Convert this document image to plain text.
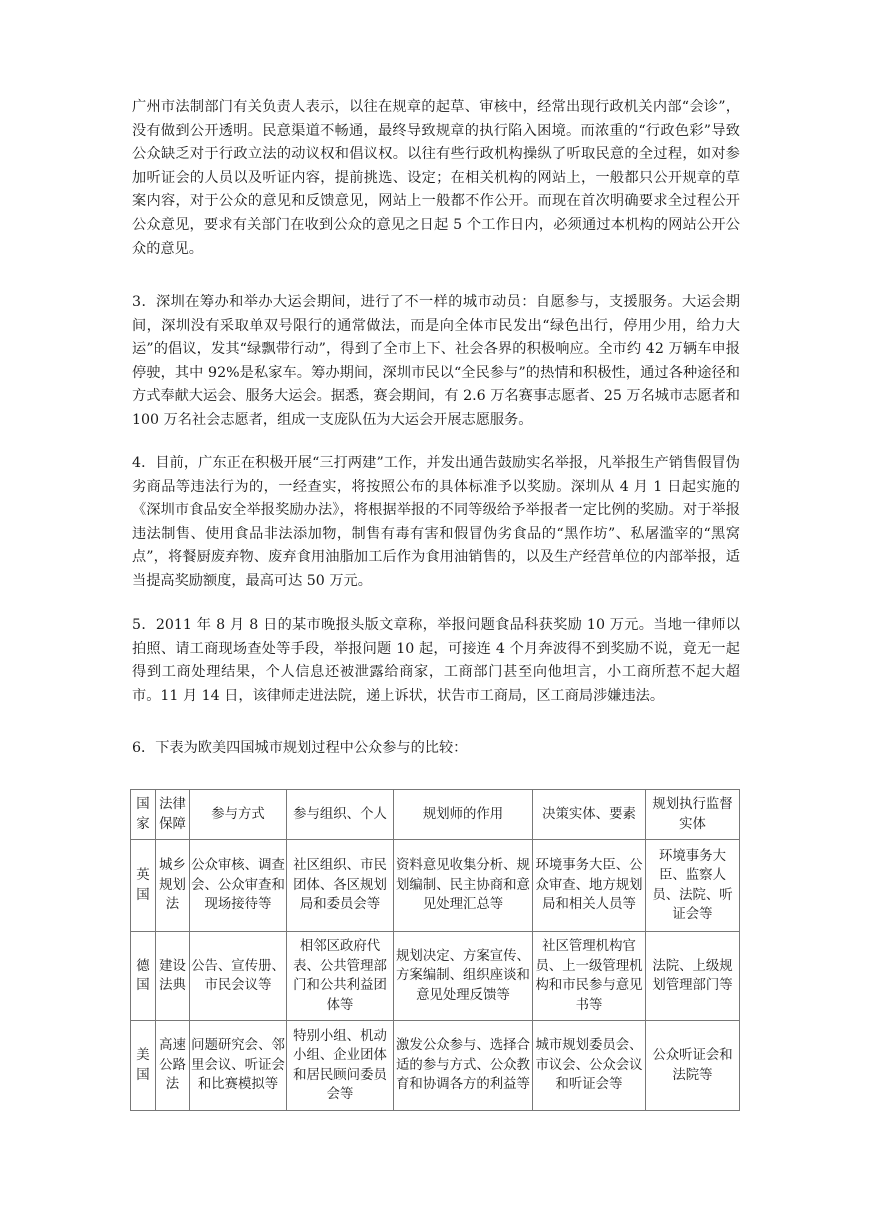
广州市法制部门有关负责人表示，以往在规章的起草、审核中，经常出现行政机关内部“会诊”，没有做到公开透明。民意渠道不畅通，最终导致规章的执行陷入困境。而浓重的“行政色彩”导致公众缺乏对于行政立法的动议权和倡议权。以往有些行政机构操纵了听取民意的全过程，如对参加听证会的人员以及听证内容，提前挑选、设定；在相关机构的网站上，一般都只公开规章的草案内容，对于公众的意见和反馈意见，网站上一般都不作公开。而现在首次明确要求全过程公开公众意见，要求有关部门在收到公众的意见之日起 5 个工作日内，必须通过本机构的网站公开公众的意见。

3．深圳在筹办和举办大运会期间，进行了不一样的城市动员：自愿参与，支援服务。大运会期间，深圳没有采取单双号限行的通常做法，而是向全体市民发出“绿色出行，停用少用，给力大运”的倡议，发其“绿飘带行动”，得到了全市上下、社会各界的积极响应。全市约 42 万辆车申报停驶，其中 92%是私家车。筹办期间，深圳市民以“全民参与”的热情和积极性，通过各种途径和方式奉献大运会、服务大运会。据悉，赛会期间，有 2.6 万名赛事志愿者、25 万名城市志愿者和 100 万名社会志愿者，组成一支庞队伍为大运会开展志愿服务。

4．目前，广东正在积极开展“三打两建”工作，并发出通告鼓励实名举报，凡举报生产销售假冒伪劣商品等违法行为的，一经查实，将按照公布的具体标准予以奖励。深圳从 4 月 1 日起实施的《深圳市食品安全举报奖励办法》，将根据举报的不同等级给予举报者一定比例的奖励。对于举报违法制售、使用食品非法添加物，制售有毒有害和假冒伪劣食品的“黑作坊”、私屠滥宰的“黑窝点”，将餐厨废弃物、废弃食用油脂加工后作为食用油销售的，以及生产经营单位的内部举报，适当提高奖励额度，最高可达 50 万元。

5．2011 年 8 月 8 日的某市晚报头版文章称，举报问题食品科获奖励 10 万元。当地一律师以拍照、请工商现场查处等手段，举报问题 10 起，可接连 4 个月奔波得不到奖励不说，竟无一起得到工商处理结果，个人信息还被泄露给商家，工商部门甚至向他坦言，小工商所惹不起大超市。11 月 14 日，该律师走进法院，递上诉状，状告市工商局，区工商局涉嫌违法。

6．下表为欧美四国城市规划过程中公众参与的比较：

国家	法律保障	参与方式	参与组织、个人	规划师的作用	决策实体、要素	规划执行监督实体
英国	城乡规划法	公众审核、调查会、公众审查和现场接待等	社区组织、市民团体、各区规划局和委员会等	资料意见收集分析、规划编制、民主协商和意见处理汇总等	环境事务大臣、公众审查、地方规划局和相关人员等	环境事务大臣、监察人员、法院、听证会等
德国	建设法典	公告、宣传册、市民会议等	相邻区政府代表、公共管理部门和公共利益团体等	规划决定、方案宣传、方案编制、组织座谈和意见处理反馈等	社区管理机构官员、上一级管理机构和市民参与意见书等	法院、上级规划管理部门等
美国	高速公路法	问题研究会、邻里会议、听证会和比赛模拟等	特别小组、机动小组、企业团体和居民顾问委员会等	激发公众参与、选择合适的参与方式、公众教育和协调各方的利益等	城市规划委员会、市议会、公众会议和听证会等	公众听证会和法院等
